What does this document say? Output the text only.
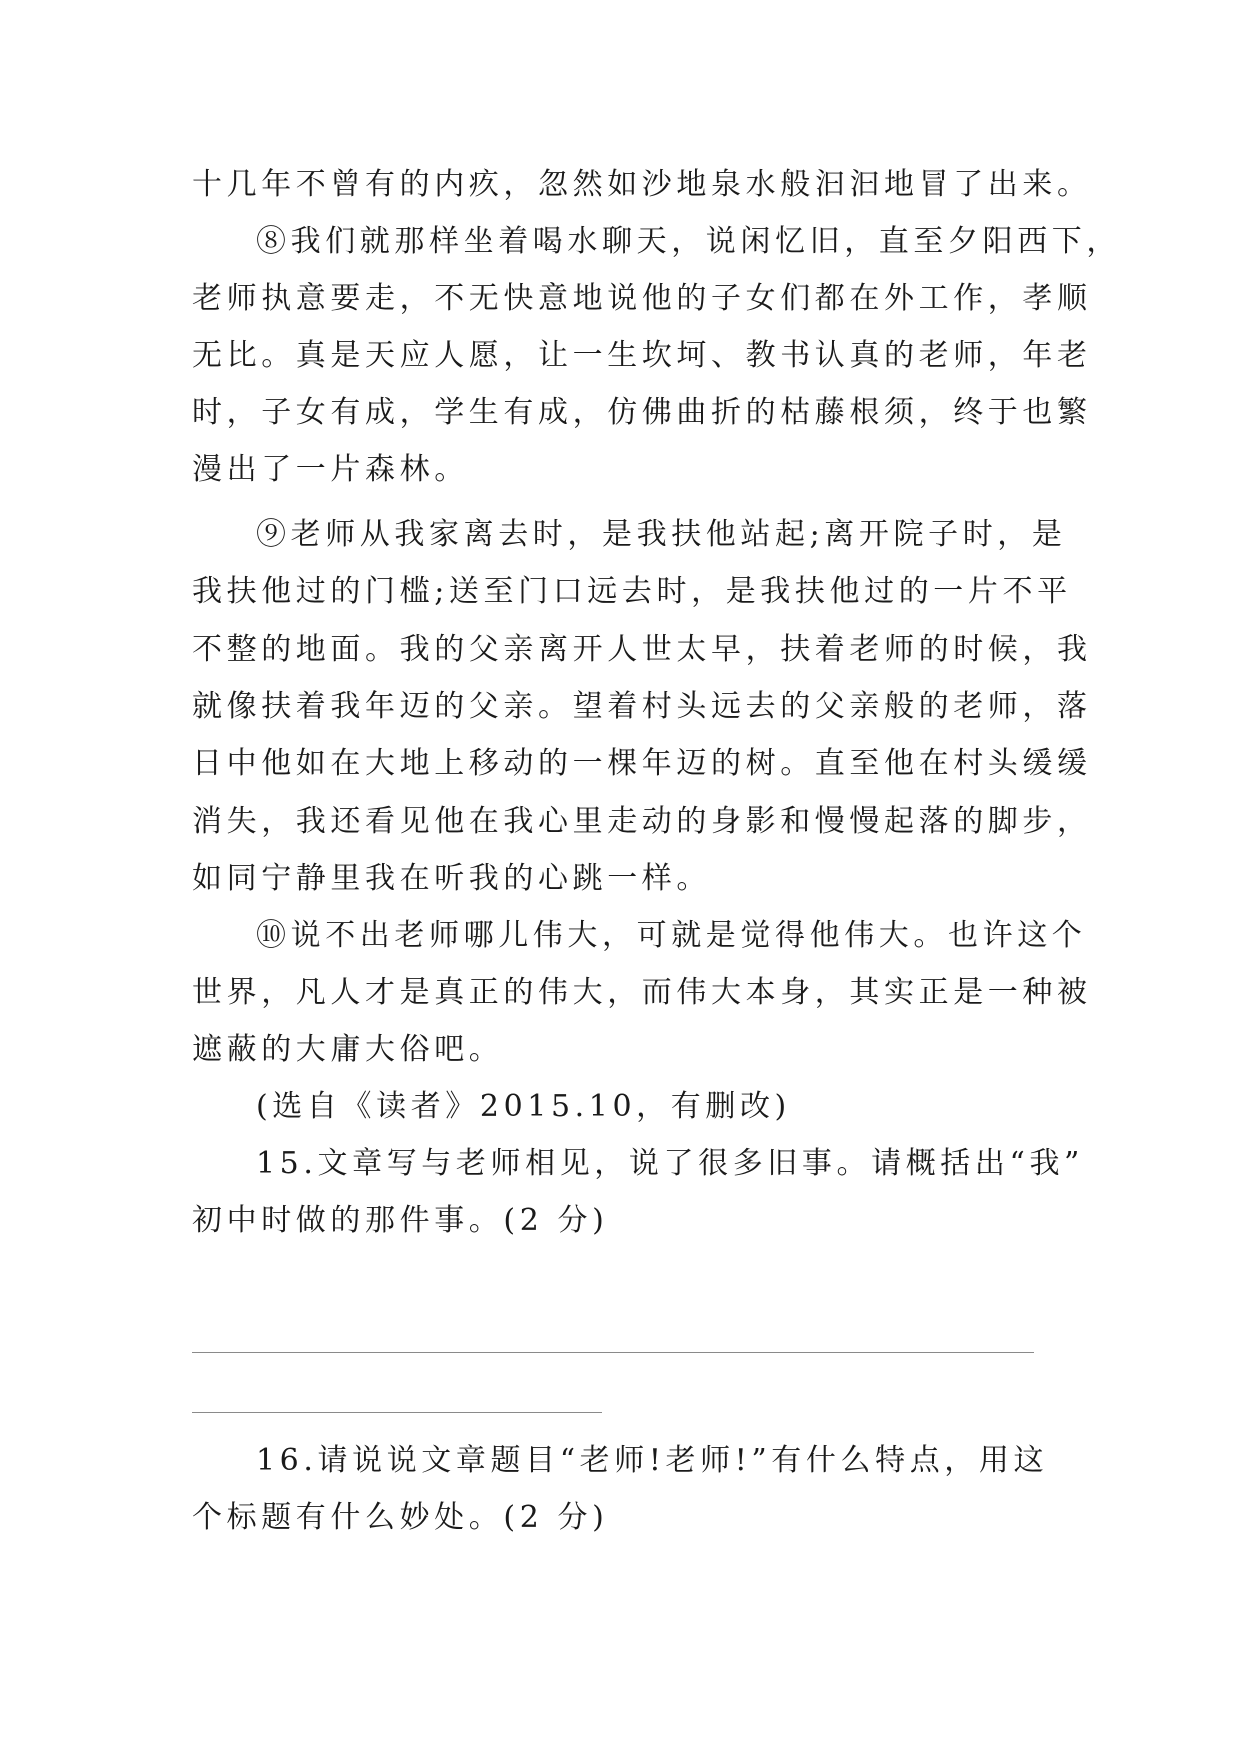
十几年不曾有的内疚，忽然如沙地泉水般汩汩地冒了出来。
⑧我们就那样坐着喝水聊天，说闲忆旧，直至夕阳西下，
老师执意要走，不无快意地说他的子女们都在外工作，孝顺
无比。真是天应人愿，让一生坎坷、教书认真的老师，年老
时，子女有成，学生有成，仿佛曲折的枯藤根须，终于也繁
漫出了一片森林。
⑨老师从我家离去时，是我扶他站起;离开院子时，是
我扶他过的门槛;送至门口远去时，是我扶他过的一片不平
不整的地面。我的父亲离开人世太早，扶着老师的时候，我
就像扶着我年迈的父亲。望着村头远去的父亲般的老师，落
日中他如在大地上移动的一棵年迈的树。直至他在村头缓缓
消失，我还看见他在我心里走动的身影和慢慢起落的脚步，
如同宁静里我在听我的心跳一样。
⑩说不出老师哪儿伟大，可就是觉得他伟大。也许这个
世界，凡人才是真正的伟大，而伟大本身，其实正是一种被
遮蔽的大庸大俗吧。
(选自《读者》2015.10，有删改)
15.文章写与老师相见，说了很多旧事。请概括出“我”
初中时做的那件事。(2 分)
16.请说说文章题目“老师!老师!”有什么特点，用这
个标题有什么妙处。(2 分)
